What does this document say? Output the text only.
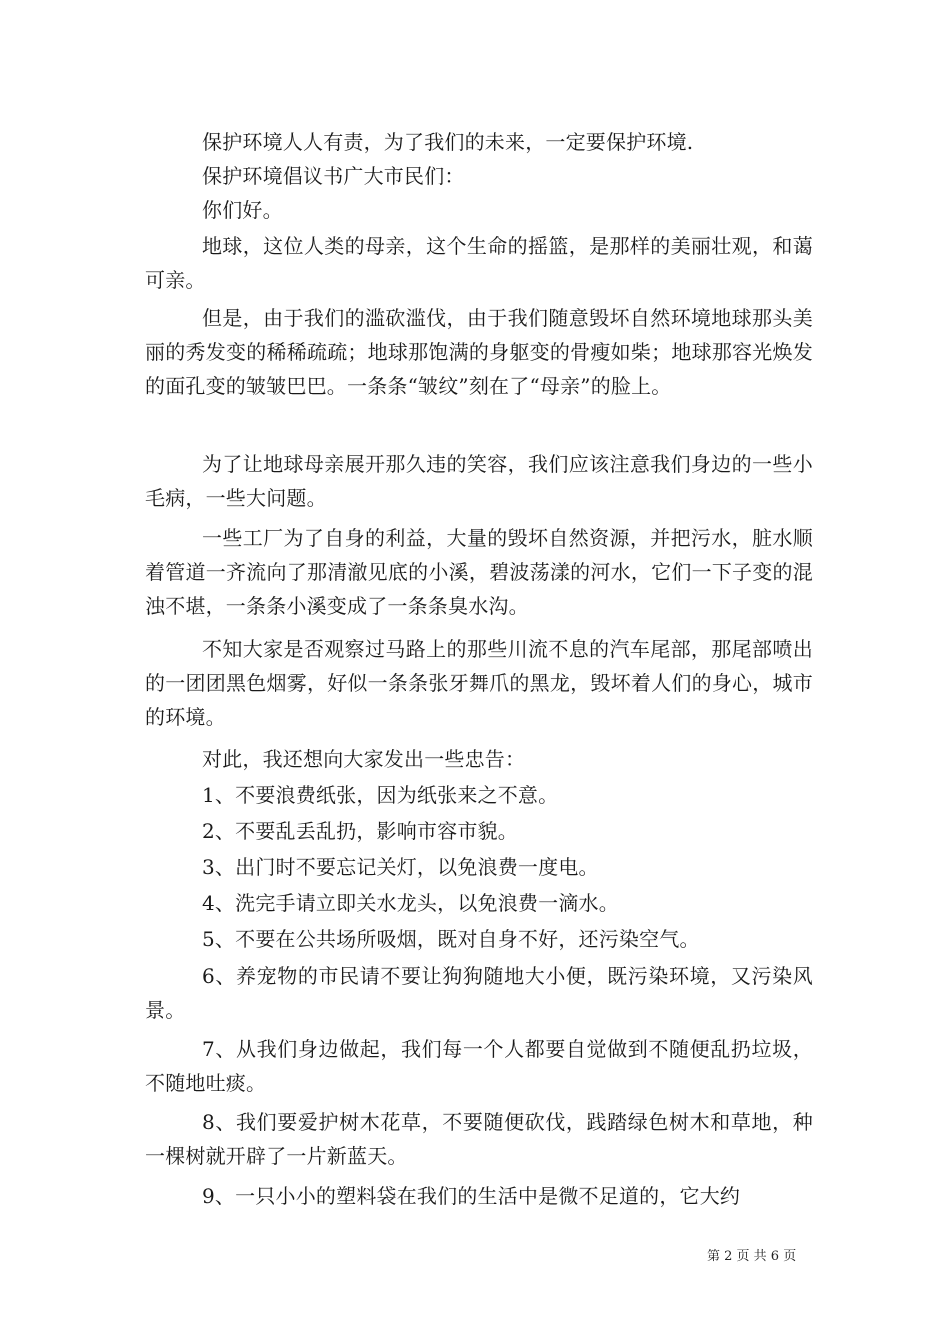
保护环境人人有责，为了我们的未来，一定要保护环境.

保护环境倡议书广大市民们：

你们好。

地球，这位人类的母亲，这个生命的摇篮，是那样的美丽壮观，和蔼可亲。

但是，由于我们的滥砍滥伐，由于我们随意毁坏自然环境地球那头美丽的秀发变的稀稀疏疏；地球那饱满的身躯变的骨瘦如柴；地球那容光焕发的面孔变的皱皱巴巴。一条条“皱纹”刻在了“母亲”的脸上。

为了让地球母亲展开那久违的笑容，我们应该注意我们身边的一些小毛病，一些大问题。

一些工厂为了自身的利益，大量的毁坏自然资源，并把污水，脏水顺着管道一齐流向了那清澈见底的小溪，碧波荡漾的河水，它们一下子变的混浊不堪，一条条小溪变成了一条条臭水沟。

不知大家是否观察过马路上的那些川流不息的汽车尾部，那尾部喷出的一团团黑色烟雾，好似一条条张牙舞爪的黑龙，毁坏着人们的身心，城市的环境。

对此，我还想向大家发出一些忠告：

1、不要浪费纸张，因为纸张来之不意。

2、不要乱丢乱扔，影响市容市貌。

3、出门时不要忘记关灯，以免浪费一度电。

4、洗完手请立即关水龙头，以免浪费一滴水。

5、不要在公共场所吸烟，既对自身不好，还污染空气。

6、养宠物的市民请不要让狗狗随地大小便，既污染环境，又污染风景。

7、从我们身边做起，我们每一个人都要自觉做到不随便乱扔垃圾，不随地吐痰。

8、我们要爱护树木花草，不要随便砍伐，践踏绿色树木和草地，种一棵树就开辟了一片新蓝天。

9、一只小小的塑料袋在我们的生活中是微不足道的，它大约

第 2 页 共 6 页
